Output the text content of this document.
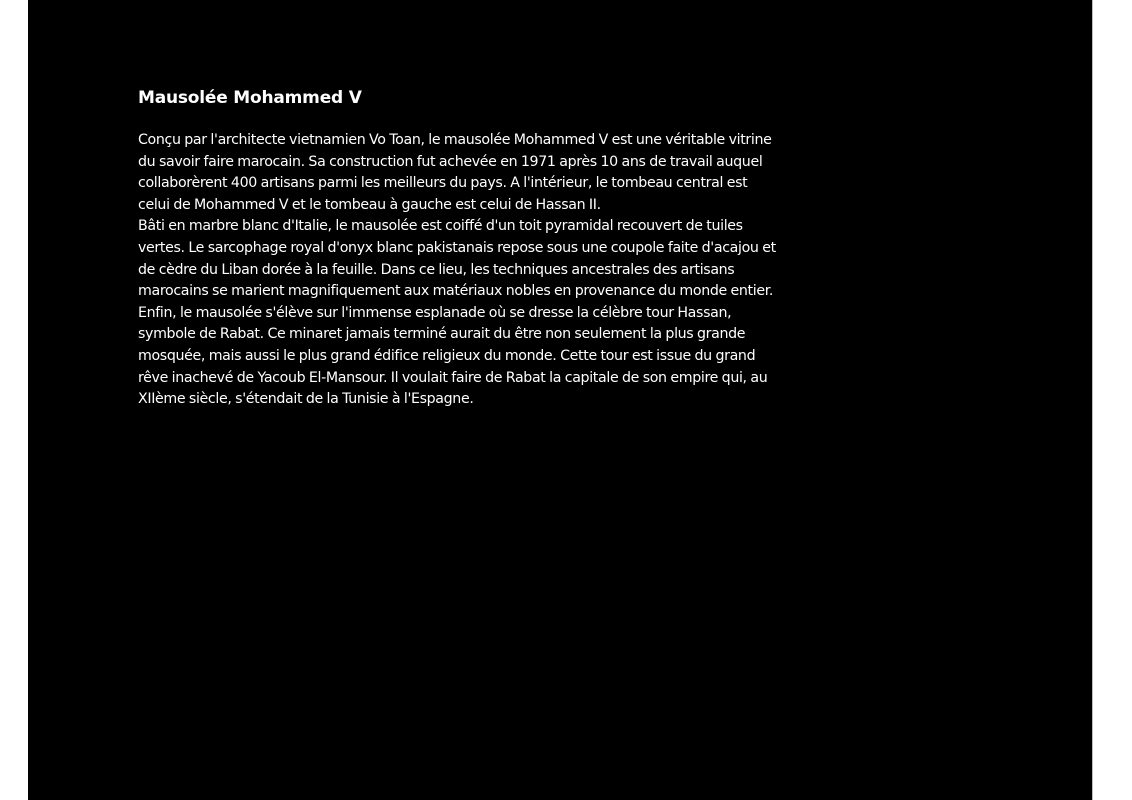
Mausolée Mohammed V

Conçu par l'architecte vietnamien Vo Toan, le mausolée Mohammed V est une véritable vitrine du savoir faire marocain. Sa construction fut achevée en 1971 après 10 ans de travail auquel collaborèrent 400 artisans parmi les meilleurs du pays. A l'intérieur, le tombeau central est celui de Mohammed V et le tombeau à gauche est celui de Hassan II.

Bâti en marbre blanc d'Italie, le mausolée est coiffé d'un toit pyramidal recouvert de tuiles vertes. Le sarcophage royal d'onyx blanc pakistanais repose sous une coupole faite d'acajou et de cèdre du Liban dorée à la feuille. Dans ce lieu, les techniques ancestrales des artisans marocains se marient magnifiquement aux matériaux nobles en provenance du monde entier.

Enfin, le mausolée s'élève sur l'immense esplanade où se dresse la célèbre tour Hassan, symbole de Rabat. Ce minaret jamais terminé aurait du être non seulement la plus grande mosquée, mais aussi le plus grand édifice religieux du monde. Cette tour est issue du grand rêve inachevé de Yacoub El-Mansour. Il voulait faire de Rabat la capitale de son empire qui, au XIIème siècle, s'étendait de la Tunisie à l'Espagne.
